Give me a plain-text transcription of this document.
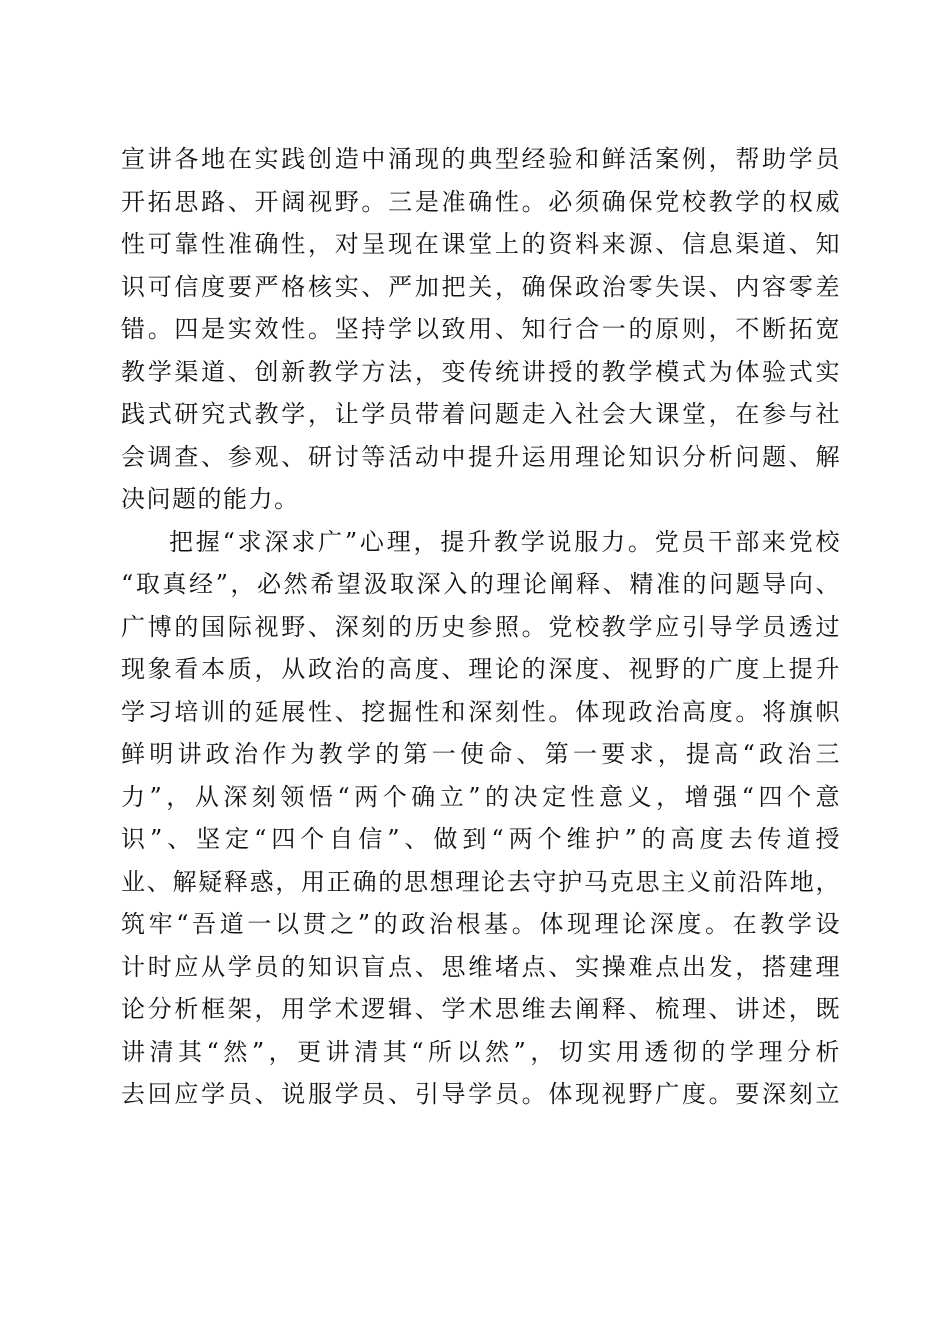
宣讲各地在实践创造中涌现的典型经验和鲜活案例，帮助学员
开拓思路、开阔视野。三是准确性。必须确保党校教学的权威
性可靠性准确性，对呈现在课堂上的资料来源、信息渠道、知
识可信度要严格核实、严加把关，确保政治零失误、内容零差
错。四是实效性。坚持学以致用、知行合一的原则，不断拓宽
教学渠道、创新教学方法，变传统讲授的教学模式为体验式实
践式研究式教学，让学员带着问题走入社会大课堂，在参与社
会调查、参观、研讨等活动中提升运用理论知识分析问题、解
决问题的能力。
把握“求深求广”心理，提升教学说服力。党员干部来党校
“取真经”，必然希望汲取深入的理论阐释、精准的问题导向、
广博的国际视野、深刻的历史参照。党校教学应引导学员透过
现象看本质，从政治的高度、理论的深度、视野的广度上提升
学习培训的延展性、挖掘性和深刻性。体现政治高度。将旗帜
鲜明讲政治作为教学的第一使命、第一要求，提高“政治三
力”，从深刻领悟“两个确立”的决定性意义，增强“四个意
识”、坚定“四个自信”、做到“两个维护”的高度去传道授
业、解疑释惑，用正确的思想理论去守护马克思主义前沿阵地，
筑牢“吾道一以贯之”的政治根基。体现理论深度。在教学设
计时应从学员的知识盲点、思维堵点、实操难点出发，搭建理
论分析框架，用学术逻辑、学术思维去阐释、梳理、讲述，既
讲清其“然”，更讲清其“所以然”，切实用透彻的学理分析
去回应学员、说服学员、引导学员。体现视野广度。要深刻立
